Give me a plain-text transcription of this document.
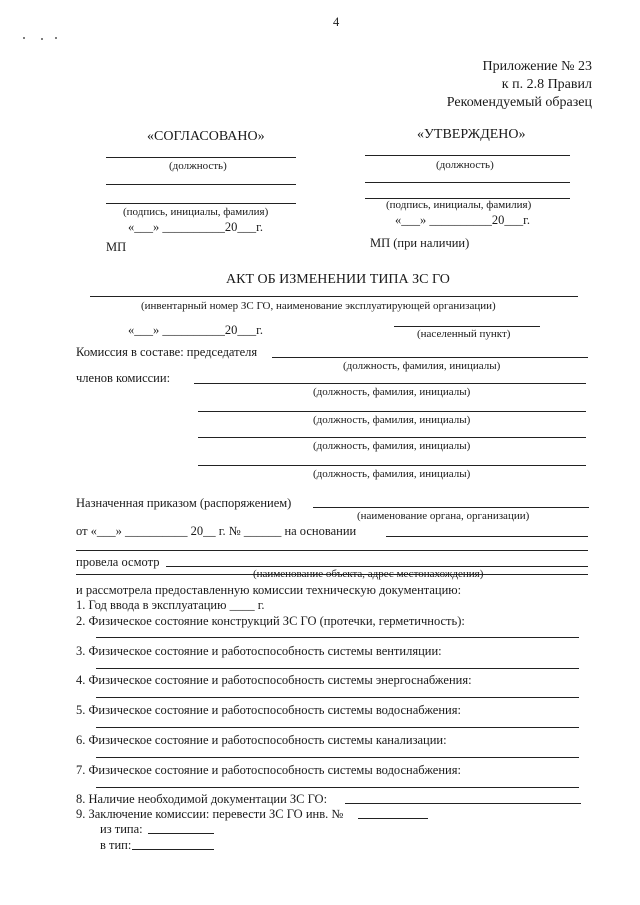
4
Приложение № 23
к п. 2.8 Правил
Рекомендуемый образец
«СОГЛАСОВАНО»
(должность)
(подпись, инициалы, фамилия)
«___» __________20___г.
МП
«УТВЕРЖДЕНО»
(должность)
(подпись, инициалы, фамилия)
«___» __________20___г.
МП (при наличии)
АКТ ОБ ИЗМЕНЕНИИ ТИПА ЗС ГО
(инвентарный номер ЗС ГО, наименование эксплуатирующей организации)
«___» __________20___г.	(населенный пункт)
Комиссия в составе: председателя
(должность, фамилия, инициалы)
членов комиссии:
(должность, фамилия, инициалы)
(должность, фамилия, инициалы)
(должность, фамилия, инициалы)
(должность, фамилия, инициалы)
Назначенная приказом (распоряжением)
(наименование органа, организации)
от «___» __________ 20__ г. № ______ на основании
провела осмотр
(наименование объекта, адрес местонахождения)
и рассмотрела предоставленную комиссии техническую документацию:
1. Год ввода в эксплуатацию ____ г.
2. Физическое состояние конструкций ЗС ГО (протечки, герметичность):
3. Физическое состояние и работоспособность системы вентиляции:
4. Физическое состояние и работоспособность системы энергоснабжения:
5. Физическое состояние и работоспособность системы водоснабжения:
6. Физическое состояние и работоспособность системы канализации:
7. Физическое состояние и работоспособность системы водоснабжения:
8. Наличие необходимой документации ЗС ГО:
9. Заключение комиссии: перевести ЗС ГО инв. №
из типа:
в тип:
